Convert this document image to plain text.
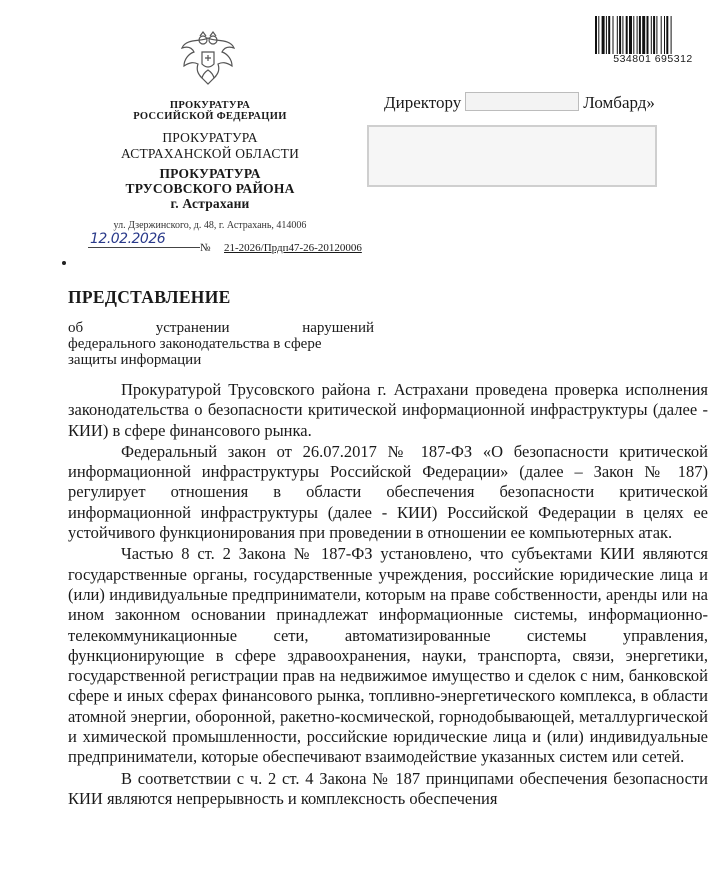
ПРОКУРАТУРА
РОССИЙСКОЙ ФЕДЕРАЦИИ
ПРОКУРАТУРА
АСТРАХАНСКОЙ ОБЛАСТИ
ПРОКУРАТУРА
ТРУСОВСКОГО РАЙОНА
г. Астрахани
ул. Дзержинского, д. 48, г. Астрахань, 414006
12.02.2026
№ 21-2026/Прдп47-26-20120006
534801 695312
Директору	Ломбард»
ПРЕДСТАВЛЕНИЕ
об	устранении	нарушений
федерального законодательства в сфере
защиты информации

Прокуратурой Трусовского района г. Астрахани проведена проверка исполнения законодательства о безопасности критической информационной инфраструктуры (далее - КИИ) в сфере финансового рынка.

Федеральный закон от 26.07.2017 № 187-ФЗ «О безопасности критической информационной инфраструктуры Российской Федерации» (далее – Закон № 187) регулирует отношения в области обеспечения безопасности критической информационной инфраструктуры (далее - КИИ) Российской Федерации в целях ее устойчивого функционирования при проведении в отношении ее компьютерных атак.

Частью 8 ст. 2 Закона № 187-ФЗ установлено, что субъектами КИИ являются государственные органы, государственные учреждения, российские юридические лица и (или) индивидуальные предприниматели, которым на праве собственности, аренды или на ином законном основании принадлежат информационные системы, информационно-телекоммуникационные сети, автоматизированные системы управления, функционирующие в сфере здравоохранения, науки, транспорта, связи, энергетики, государственной регистрации прав на недвижимое имущество и сделок с ним, банковской сфере и иных сферах финансового рынка, топливно-энергетического комплекса, в области атомной энергии, оборонной, ракетно-космической, горнодобывающей, металлургической и химической промышленности, российские юридические лица и (или) индивидуальные предприниматели, которые обеспечивают взаимодействие указанных систем или сетей.

В соответствии с ч. 2 ст. 4 Закона № 187 принципами обеспечения безопасности КИИ являются непрерывность и комплексность обеспечения
